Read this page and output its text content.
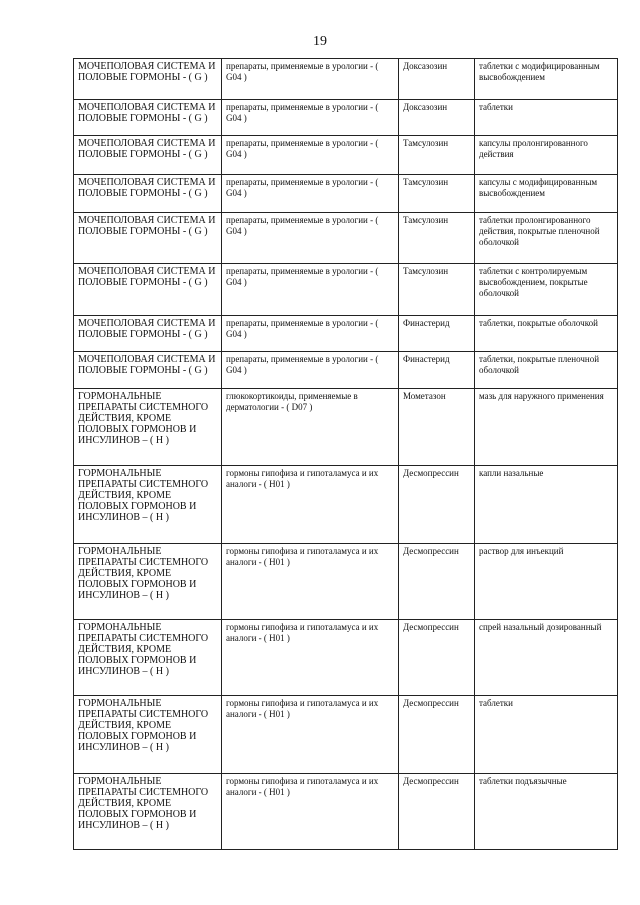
19
МОЧЕПОЛОВАЯ СИСТЕМА И ПОЛОВЫЕ ГОРМОНЫ - ( G )	препараты, применяемые в урологии - ( G04 )	Доксазозин	таблетки с модифицированным высвобождением
МОЧЕПОЛОВАЯ СИСТЕМА И ПОЛОВЫЕ ГОРМОНЫ - ( G )	препараты, применяемые в урологии - ( G04 )	Доксазозин	таблетки
МОЧЕПОЛОВАЯ СИСТЕМА И ПОЛОВЫЕ ГОРМОНЫ - ( G )	препараты, применяемые в урологии - ( G04 )	Тамсулозин	капсулы пролонгированного действия
МОЧЕПОЛОВАЯ СИСТЕМА И ПОЛОВЫЕ ГОРМОНЫ - ( G )	препараты, применяемые в урологии - ( G04 )	Тамсулозин	капсулы с модифицированным высвобождением
МОЧЕПОЛОВАЯ СИСТЕМА И ПОЛОВЫЕ ГОРМОНЫ - ( G )	препараты, применяемые в урологии - ( G04 )	Тамсулозин	таблетки пролонгированного действия, покрытые пленочной оболочкой
МОЧЕПОЛОВАЯ СИСТЕМА И ПОЛОВЫЕ ГОРМОНЫ - ( G )	препараты, применяемые в урологии - ( G04 )	Тамсулозин	таблетки с контролируемым высвобождением, покрытые оболочкой
МОЧЕПОЛОВАЯ СИСТЕМА И ПОЛОВЫЕ ГОРМОНЫ - ( G )	препараты, применяемые в урологии - ( G04 )	Финастерид	таблетки, покрытые оболочкой
МОЧЕПОЛОВАЯ СИСТЕМА И ПОЛОВЫЕ ГОРМОНЫ - ( G )	препараты, применяемые в урологии - ( G04 )	Финастерид	таблетки, покрытые пленочной оболочкой
ГОРМОНАЛЬНЫЕ ПРЕПАРАТЫ СИСТЕМНОГО ДЕЙСТВИЯ, КРОМЕ ПОЛОВЫХ ГОРМОНОВ И ИНСУЛИНОВ – ( H )	глюкокортикоиды, применяемые в дерматологии - ( D07 )	Мометазон	мазь для наружного применения
ГОРМОНАЛЬНЫЕ ПРЕПАРАТЫ СИСТЕМНОГО ДЕЙСТВИЯ, КРОМЕ ПОЛОВЫХ ГОРМОНОВ И ИНСУЛИНОВ – ( H )	гормоны гипофиза и гипоталамуса и их аналоги - ( H01 )	Десмопрессин	капли назальные
ГОРМОНАЛЬНЫЕ ПРЕПАРАТЫ СИСТЕМНОГО ДЕЙСТВИЯ, КРОМЕ ПОЛОВЫХ ГОРМОНОВ И ИНСУЛИНОВ – ( H )	гормоны гипофиза и гипоталамуса и их аналоги - ( H01 )	Десмопрессин	раствор для инъекций
ГОРМОНАЛЬНЫЕ ПРЕПАРАТЫ СИСТЕМНОГО ДЕЙСТВИЯ, КРОМЕ ПОЛОВЫХ ГОРМОНОВ И ИНСУЛИНОВ – ( H )	гормоны гипофиза и гипоталамуса и их аналоги - ( H01 )	Десмопрессин	спрей назальный дозированный
ГОРМОНАЛЬНЫЕ ПРЕПАРАТЫ СИСТЕМНОГО ДЕЙСТВИЯ, КРОМЕ ПОЛОВЫХ ГОРМОНОВ И ИНСУЛИНОВ – ( H )	гормоны гипофиза и гипоталамуса и их аналоги - ( H01 )	Десмопрессин	таблетки
ГОРМОНАЛЬНЫЕ ПРЕПАРАТЫ СИСТЕМНОГО ДЕЙСТВИЯ, КРОМЕ ПОЛОВЫХ ГОРМОНОВ И ИНСУЛИНОВ – ( H )	гормоны гипофиза и гипоталамуса и их аналоги - ( H01 )	Десмопрессин	таблетки подъязычные
